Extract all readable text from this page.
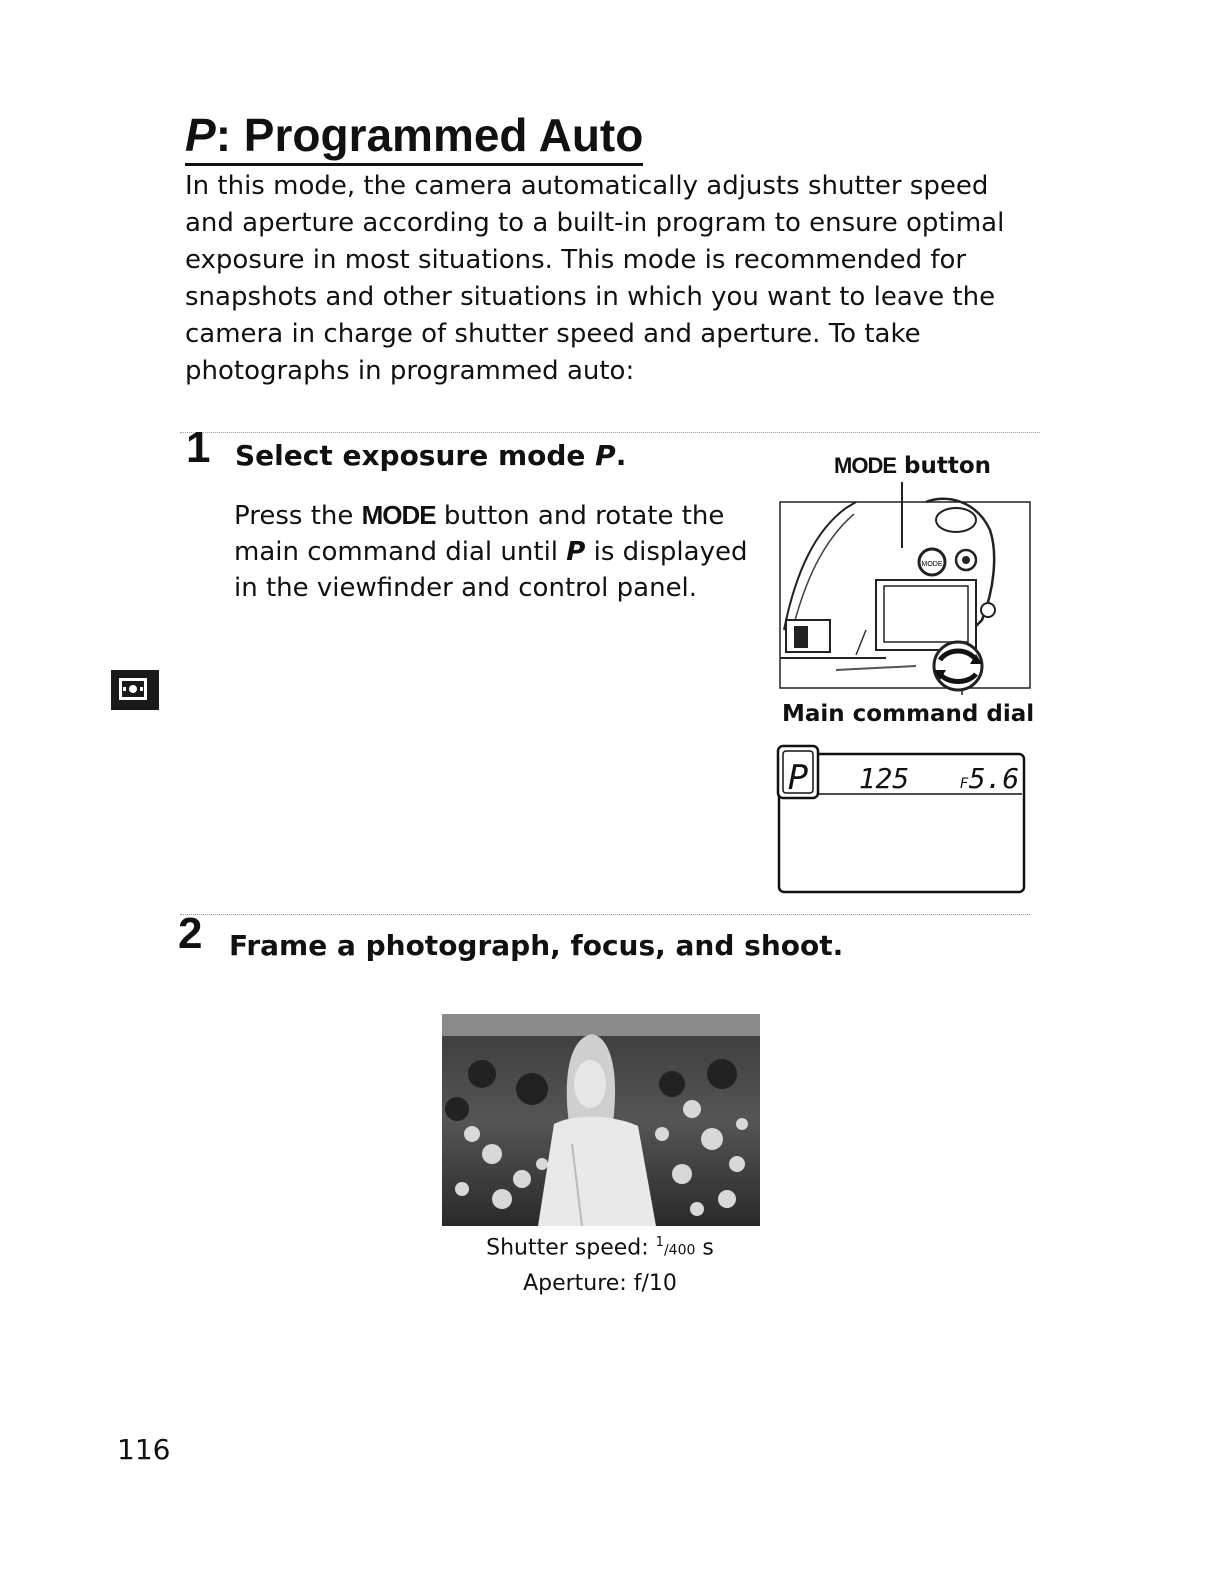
P: Programmed Auto

In this mode, the camera automatically adjusts shutter speed and aperture according to a built-in program to ensure optimal exposure in most situations. This mode is recommended for snapshots and other situations in which you want to leave the camera in charge of shutter speed and aperture. To take photographs in programmed auto:

1 Select exposure mode P.

Press the MODE button and rotate the main command dial until P is displayed in the viewfinder and control panel.

MODE button
MODE
Main command dial
P 125	F 5.6
2 Frame a photograph, focus, and shoot.
Shutter speed: $^1$/400 s
Aperture: f/10
116
